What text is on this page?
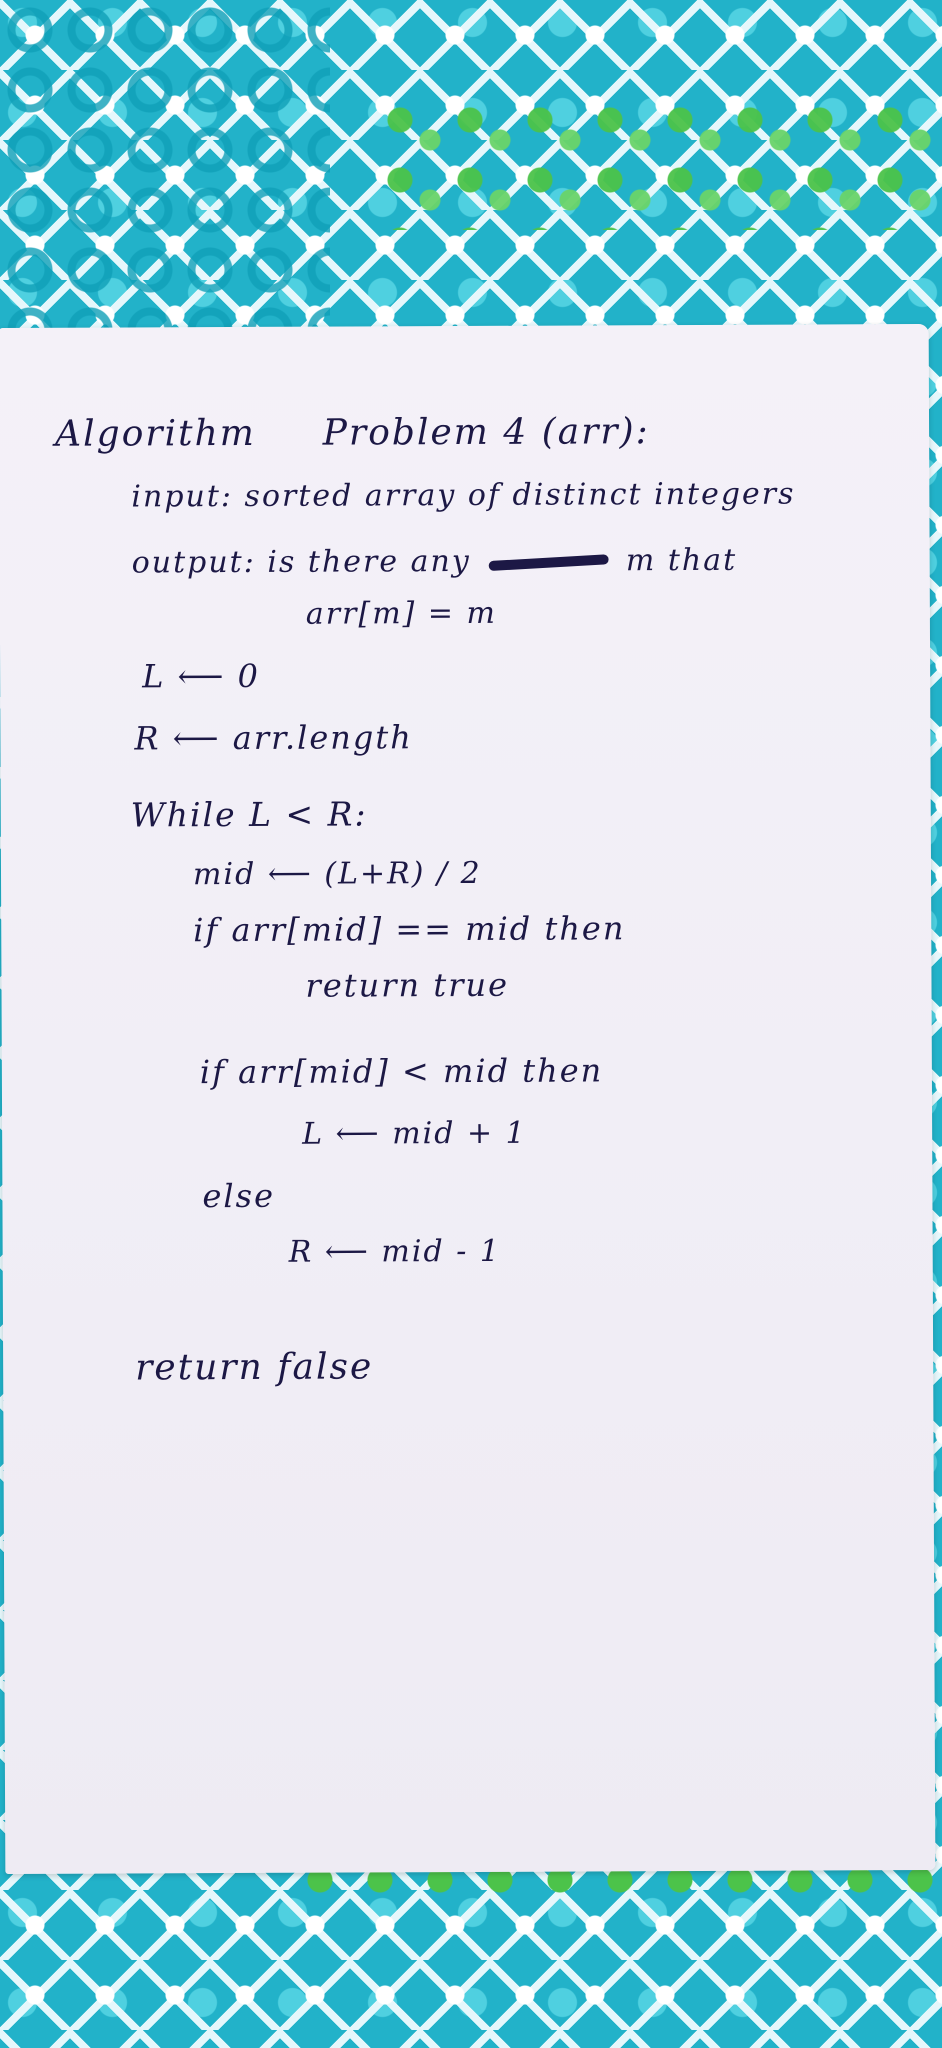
Algorithm Problem 4 (arr):
input: sorted array of distinct integers
output: is there any	m that
arr[m] = m
L ⟵ 0
R ⟵ arr.length
While L < R:
mid ⟵ (L+R) / 2
if arr[mid] == mid then
return true
if arr[mid] < mid then
L ⟵ mid + 1
else
R ⟵ mid - 1
return false
